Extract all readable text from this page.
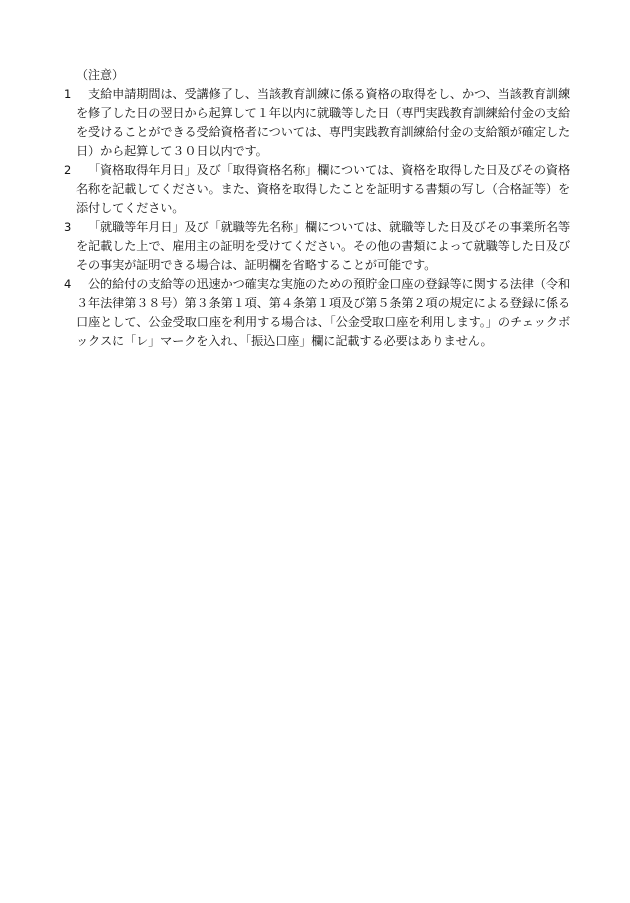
（注意）
1	支給申請期間は、受講修了し、当該教育訓練に係る資格の取得をし、かつ、当該教育訓練を修了した日の翌日から起算して１年以内に就職等した日（専門実践教育訓練給付金の支給を受けることができる受給資格者については、専門実践教育訓練給付金の支給額が確定した日）から起算して３０日以内です。
2	「資格取得年月日」及び「取得資格名称」欄については、資格を取得した日及びその資格名称を記載してください。また、資格を取得したことを証明する書類の写し（合格証等）を添付してください。
3	「就職等年月日」及び「就職等先名称」欄については、就職等した日及びその事業所名等を記載した上で、雇用主の証明を受けてください。その他の書類によって就職等した日及びその事実が証明できる場合は、証明欄を省略することが可能です。
4	公的給付の支給等の迅速かつ確実な実施のための預貯金口座の登録等に関する法律（令和３年法律第３８号）第３条第１項、第４条第１項及び第５条第２項の規定による登録に係る口座として、公金受取口座を利用する場合は、「公金受取口座を利用します。」のチェックボックスに「レ」マークを入れ、「振込口座」欄に記載する必要はありません。
